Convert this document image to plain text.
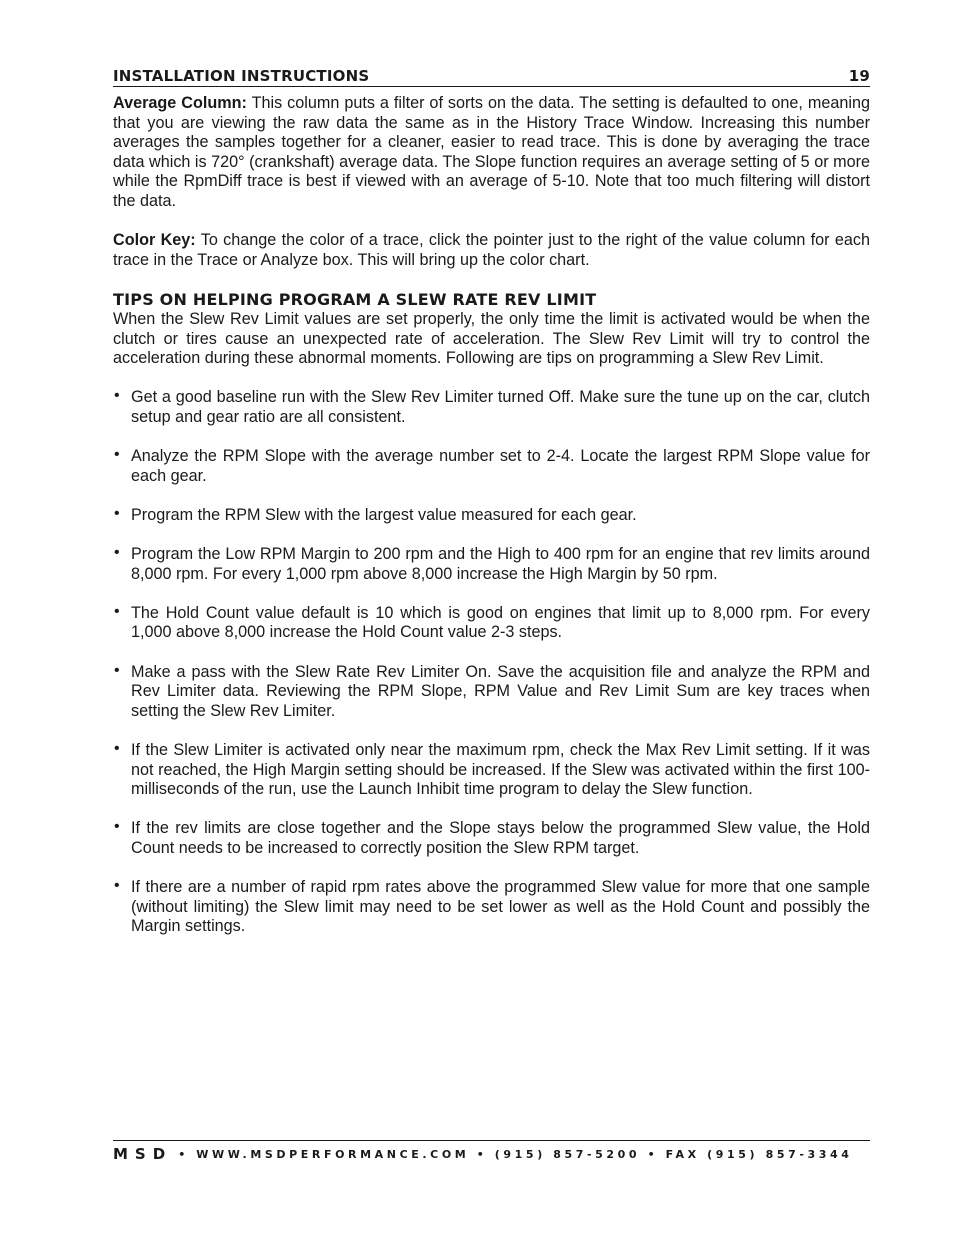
INSTALLATION INSTRUCTIONS	19

Average Column: This column puts a filter of sorts on the data. The setting is defaulted to one, meaning that you are viewing the raw data the same as in the History Trace Window. Increasing this number averages the samples together for a cleaner, easier to read trace. This is done by averaging the trace data which is 720° (crankshaft) average data. The Slope function requires an average setting of 5 or more while the RpmDiff trace is best if viewed with an average of 5-10. Note that too much filtering will distort the data.

Color Key: To change the color of a trace, click the pointer just to the right of the value column for each trace in the Trace or Analyze box. This will bring up the color chart.

TIPS ON HELPING PROGRAM A SLEW RATE REV LIMIT

When the Slew Rev Limit values are set properly, the only time the limit is activated would be when the clutch or tires cause an unexpected rate of acceleration. The Slew Rev Limit will try to control the acceleration during these abnormal moments. Following are tips on programming a Slew Rev Limit.

• Get a good baseline run with the Slew Rev Limiter turned Off. Make sure the tune up on the car, clutch setup and gear ratio are all consistent.
• Analyze the RPM Slope with the average number set to 2-4. Locate the largest RPM Slope value for each gear.
• Program the RPM Slew with the largest value measured for each gear.
• Program the Low RPM Margin to 200 rpm and the High to 400 rpm for an engine that rev limits around 8,000 rpm. For every 1,000 rpm above 8,000 increase the High Margin by 50 rpm.
• The Hold Count value default is 10 which is good on engines that limit up to 8,000 rpm. For every 1,000 above 8,000 increase the Hold Count value 2-3 steps.
• Make a pass with the Slew Rate Rev Limiter On. Save the acquisition file and analyze the RPM and Rev Limiter data. Reviewing the RPM Slope, RPM Value and Rev Limit Sum are key traces when setting the Slew Rev Limiter.
• If the Slew Limiter is activated only near the maximum rpm, check the Max Rev Limit setting. If it was not reached, the High Margin setting should be increased. If the Slew was activated within the first 100-milliseconds of the run, use the Launch Inhibit time program to delay the Slew function.
• If the rev limits are close together and the Slope stays below the programmed Slew value, the Hold Count needs to be increased to correctly position the Slew RPM target.
• If there are a number of rapid rpm rates above the programmed Slew value for more that one sample (without limiting) the Slew limit may need to be set lower as well as the Hold Count and possibly the Margin settings.
MSD • WWW.MSDPERFORMANCE.COM • (915) 857-5200 • FAX (915) 857-3344
